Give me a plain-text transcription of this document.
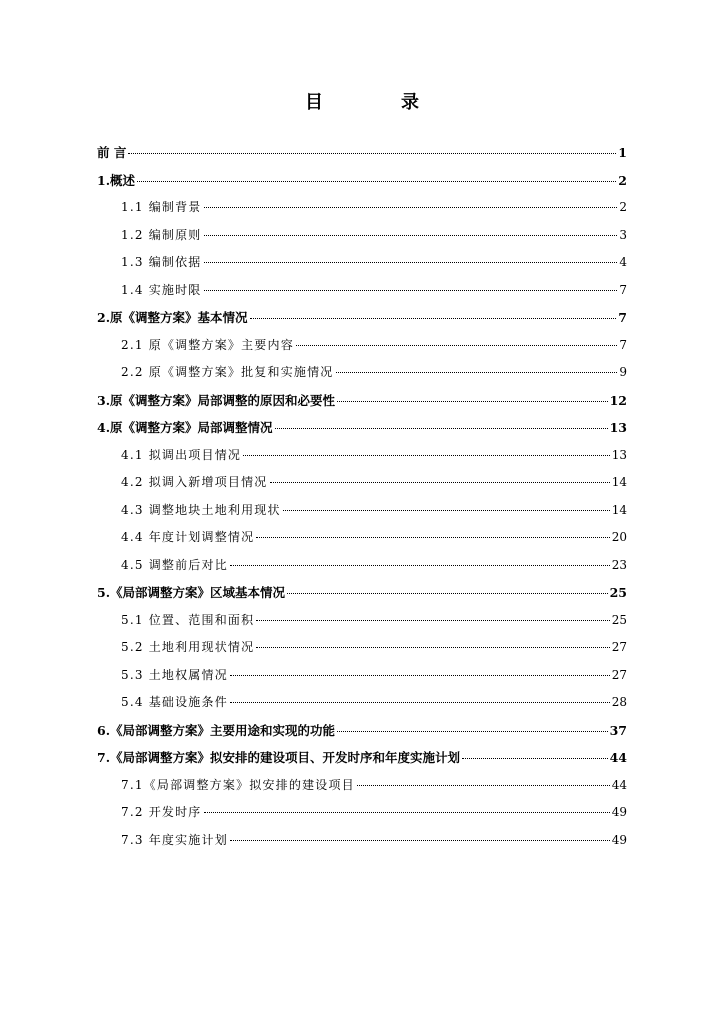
目　录
前 言	1
1.概述	2
1.1 编制背景	2
1.2 编制原则	3
1.3 编制依据	4
1.4 实施时限	7
2.原《调整方案》基本情况	7
2.1 原《调整方案》主要内容	7
2.2 原《调整方案》批复和实施情况	9
3.原《调整方案》局部调整的原因和必要性	12
4.原《调整方案》局部调整情况	13
4.1 拟调出项目情况	13
4.2 拟调入新增项目情况	14
4.3 调整地块土地利用现状	14
4.4 年度计划调整情况	20
4.5 调整前后对比	23
5.《局部调整方案》区域基本情况	25
5.1 位置、范围和面积	25
5.2 土地利用现状情况	27
5.3 土地权属情况	27
5.4 基础设施条件	28
6.《局部调整方案》主要用途和实现的功能	37
7.《局部调整方案》拟安排的建设项目、开发时序和年度实施计划	44
7.1《局部调整方案》拟安排的建设项目	44
7.2 开发时序	49
7.3 年度实施计划	49
